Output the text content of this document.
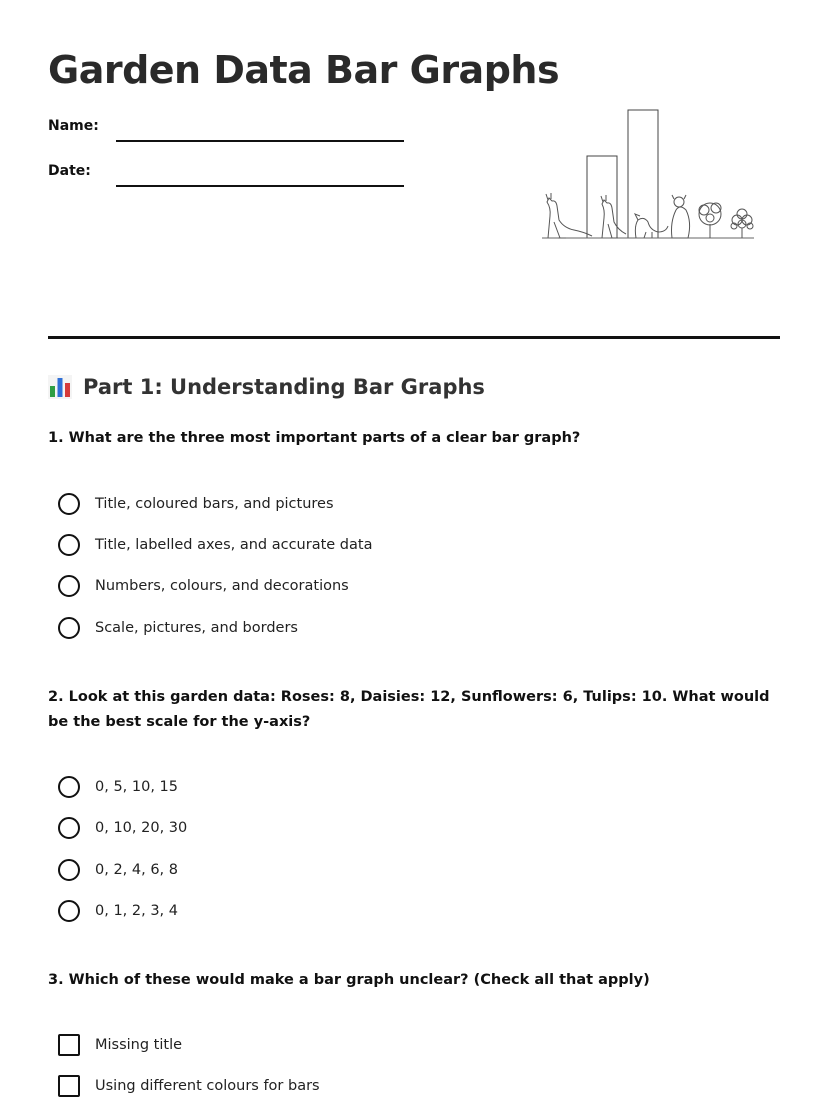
Garden Data Bar Graphs
Name:
Date:
Part 1: Understanding Bar Graphs
1. What are the three most important parts of a clear bar graph?
Title, coloured bars, and pictures
Title, labelled axes, and accurate data
Numbers, colours, and decorations
Scale, pictures, and borders
2. Look at this garden data: Roses: 8, Daisies: 12, Sunflowers: 6, Tulips: 10. What would be the best scale for the y-axis?
0, 5, 10, 15
0, 10, 20, 30
0, 2, 4, 6, 8
0, 1, 2, 3, 4
3. Which of these would make a bar graph unclear? (Check all that apply)
Missing title
Using different colours for bars
